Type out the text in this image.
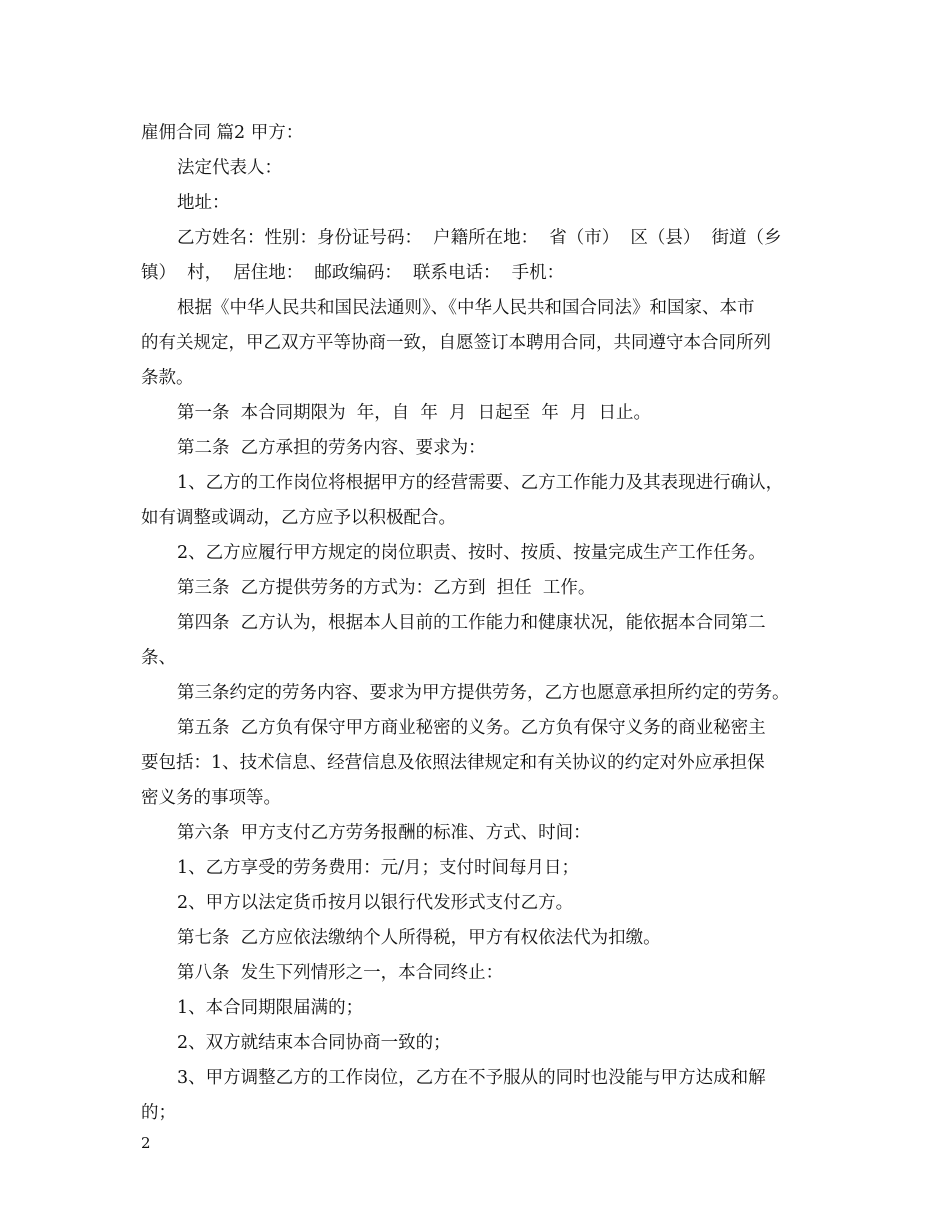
雇佣合同 篇2 甲方：
法定代表人：
地址：
乙方姓名：性别：身份证号码：  户籍所在地：  省（市）  区（县）  街道（乡
镇）  村，  居住地：  邮政编码：  联系电话：  手机：
根据《中华人民共和国民法通则》、《中华人民共和国合同法》和国家、本市
的有关规定，甲乙双方平等协商一致，自愿签订本聘用合同，共同遵守本合同所列
条款。
第一条  本合同期限为  年，自  年  月  日起至  年  月  日止。
第二条  乙方承担的劳务内容、要求为：
1、乙方的工作岗位将根据甲方的经营需要、乙方工作能力及其表现进行确认，
如有调整或调动，乙方应予以积极配合。
2、乙方应履行甲方规定的岗位职责、按时、按质、按量完成生产工作任务。
第三条  乙方提供劳务的方式为：乙方到  担任  工作。
第四条  乙方认为，根据本人目前的工作能力和健康状况，能依据本合同第二
条、
第三条约定的劳务内容、要求为甲方提供劳务，乙方也愿意承担所约定的劳务。
第五条  乙方负有保守甲方商业秘密的义务。乙方负有保守义务的商业秘密主
要包括：1、技术信息、经营信息及依照法律规定和有关协议的约定对外应承担保
密义务的事项等。
第六条  甲方支付乙方劳务报酬的标准、方式、时间：
1、乙方享受的劳务费用：元/月；支付时间每月日；
2、甲方以法定货币按月以银行代发形式支付乙方。
第七条  乙方应依法缴纳个人所得税，甲方有权依法代为扣缴。
第八条  发生下列情形之一，本合同终止：
1、本合同期限届满的；
2、双方就结束本合同协商一致的；
3、甲方调整乙方的工作岗位，乙方在不予服从的同时也没能与甲方达成和解
的；
2
